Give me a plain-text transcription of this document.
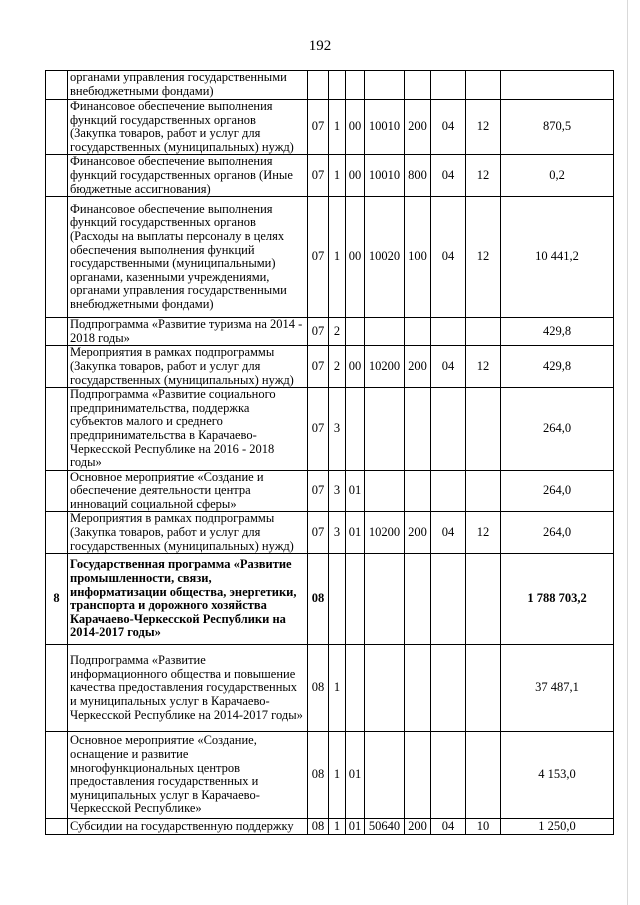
192
	органами управления государственными внебюджетными фондами)								
	Финансовое обеспечение выполнения функций государственных органов (Закупка товаров, работ и услуг для государственных (муниципальных) нужд)	07	1	00	10010	200	04	12	870,5
	Финансовое обеспечение выполнения функций государственных органов (Иные бюджетные ассигнования)	07	1	00	10010	800	04	12	0,2
	Финансовое обеспечение выполнения функций государственных органов (Расходы на выплаты персоналу в целях обеспечения выполнения функций государственными (муниципальными) органами, казенными учреждениями, органами управления государственными внебюджетными фондами)	07	1	00	10020	100	04	12	10 441,2
	Подпрограмма «Развитие туризма на 2014 - 2018 годы»	07	2						429,8
	Мероприятия в рамках подпрограммы (Закупка товаров, работ и услуг для государственных (муниципальных) нужд)	07	2	00	10200	200	04	12	429,8
	Подпрограмма «Развитие социального предпринимательства, поддержка субъектов малого и среднего предпринимательства в Карачаево-Черкесской Республике на 2016 - 2018 годы»	07	3						264,0
	Основное мероприятие «Создание и обеспечение деятельности центра инноваций социальной сферы»	07	3	01					264,0
	Мероприятия в рамках подпрограммы (Закупка товаров, работ и услуг для государственных (муниципальных) нужд)	07	3	01	10200	200	04	12	264,0
8	Государственная программа «Развитие промышленности, связи, информатизации общества, энергетики, транспорта и дорожного хозяйства Карачаево-Черкесской Республики на 2014-2017 годы»	08							1 788 703,2
	Подпрограмма «Развитие информационного общества и повышение качества предоставления государственных и муниципальных услуг в Карачаево-Черкесской Республике на 2014-2017 годы»	08	1						37 487,1
	Основное мероприятие «Создание, оснащение и развитие многофункциональных центров предоставления государственных и муниципальных услуг в Карачаево-Черкесской Республике»	08	1	01					4 153,0
	Субсидии на государственную поддержку	08	1	01	50640	200	04	10	1 250,0
